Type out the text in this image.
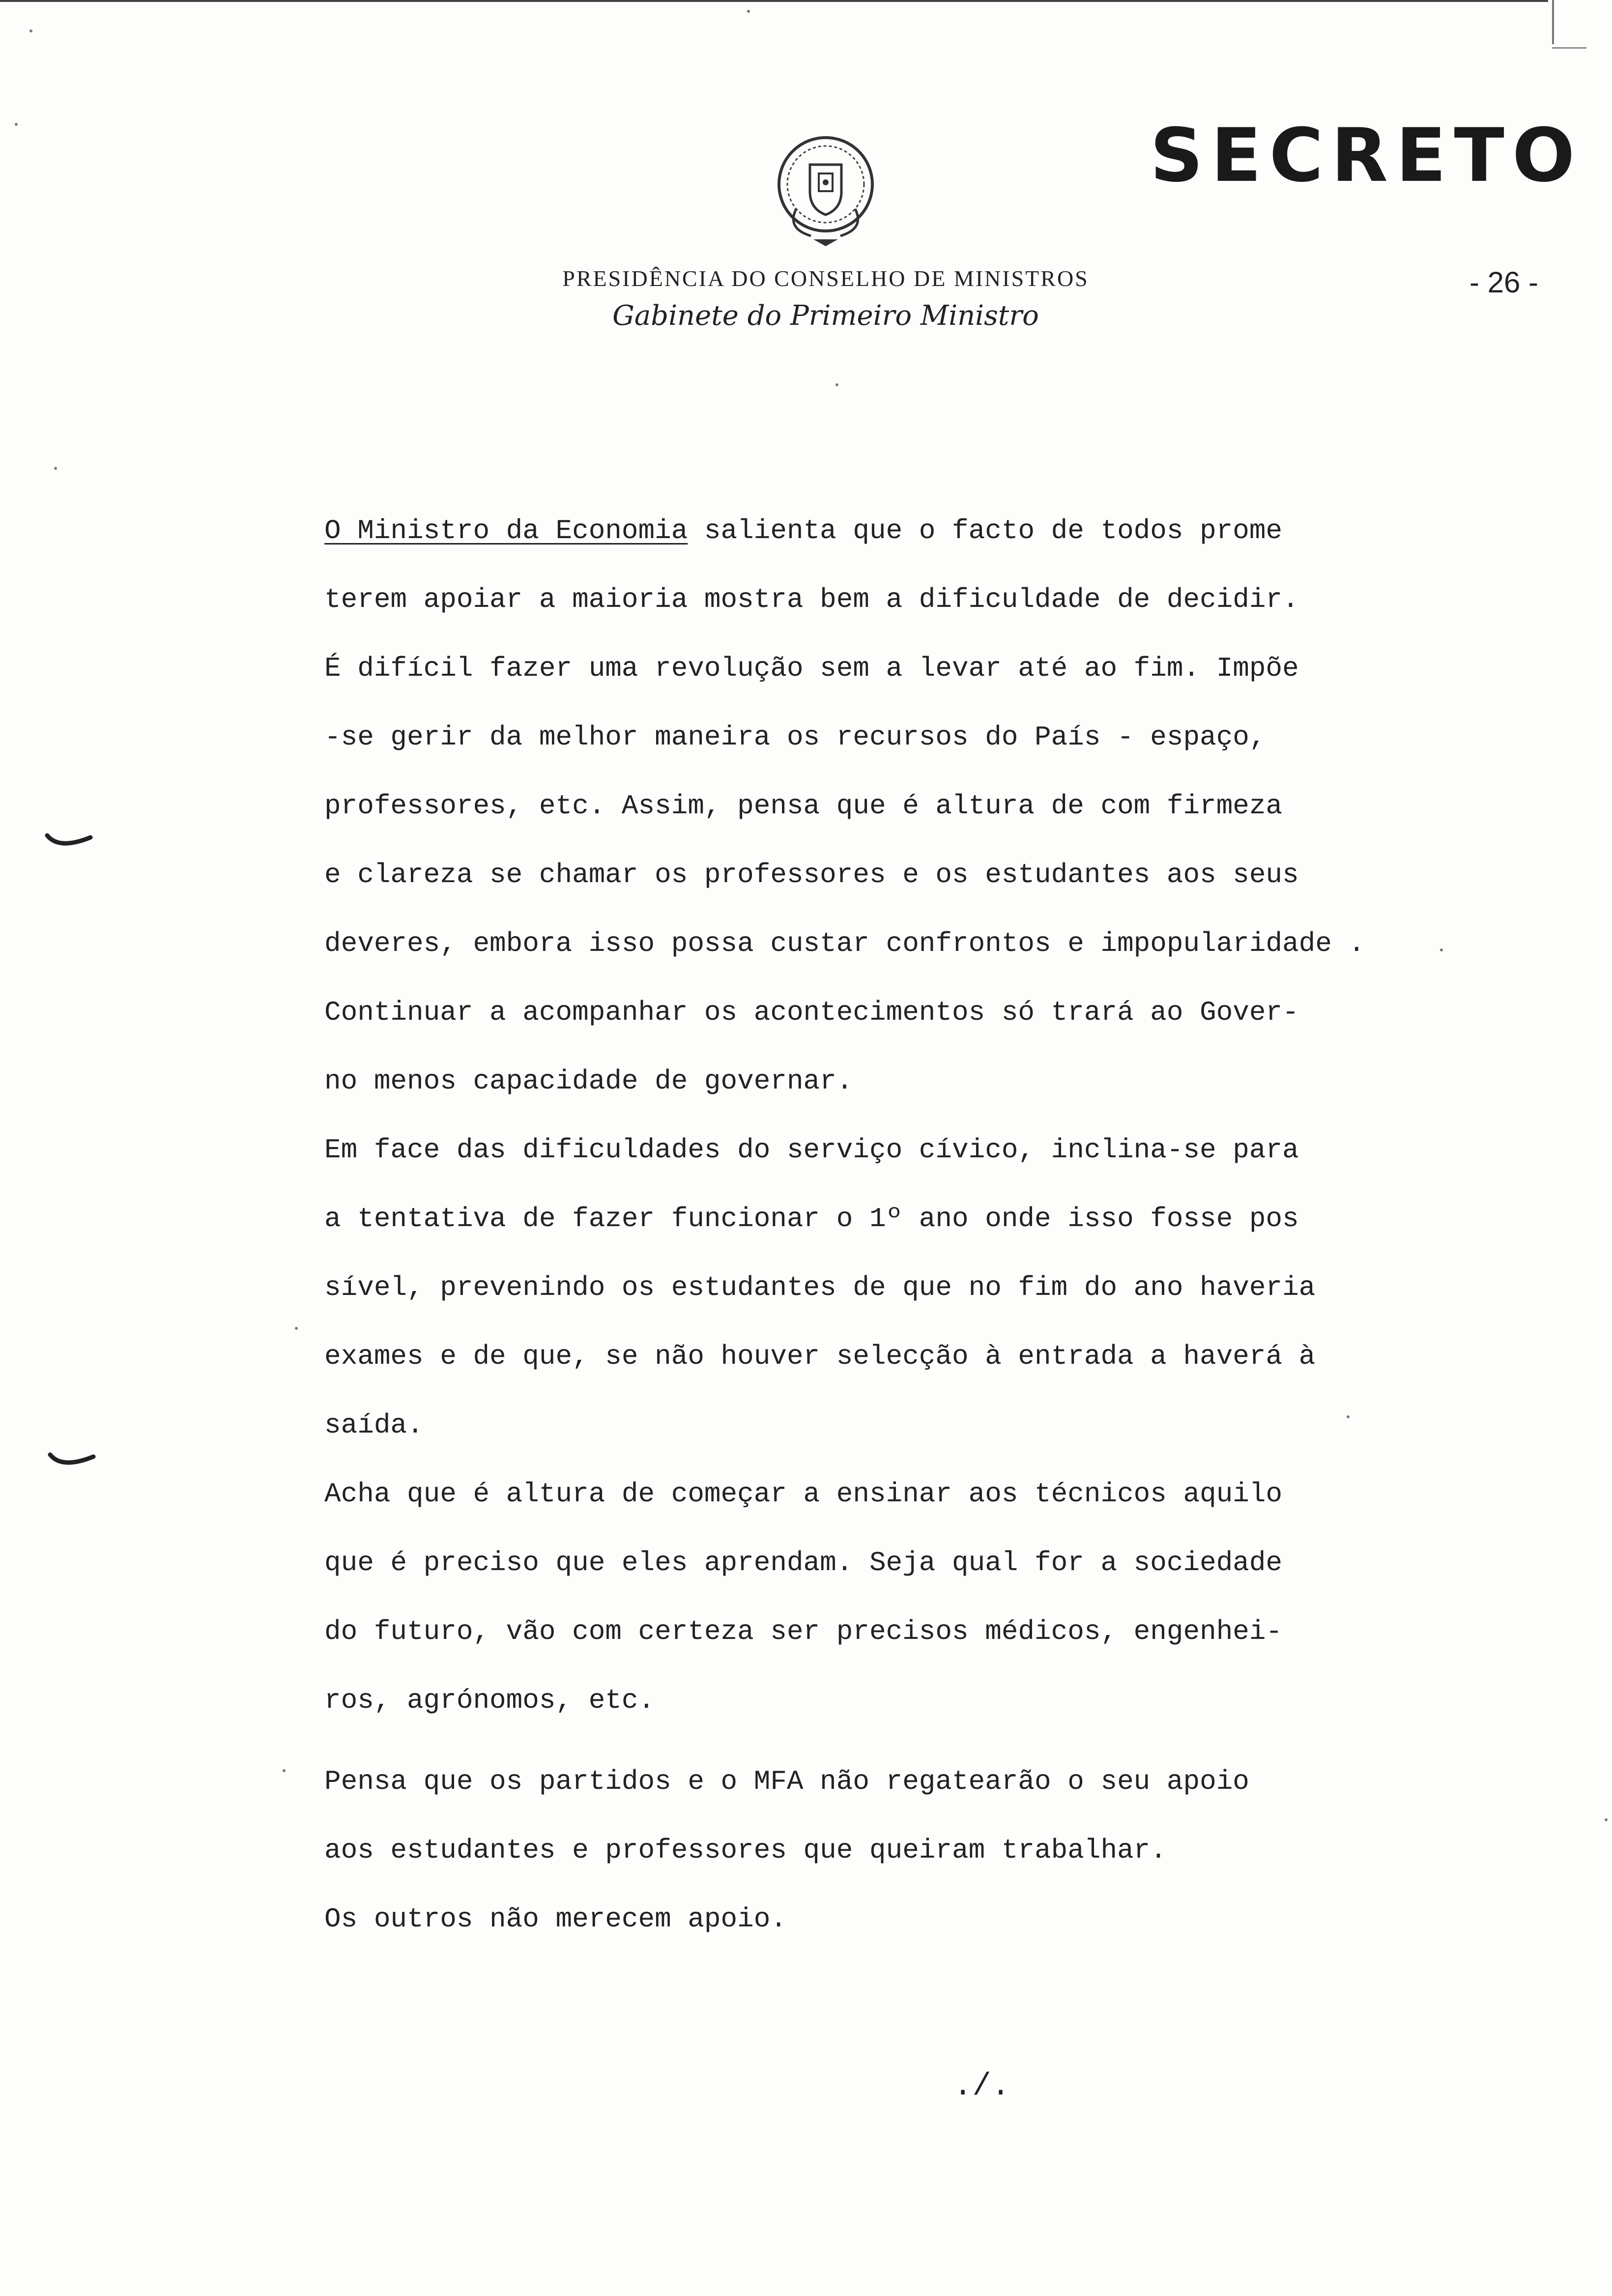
SECRETO
- 26 -
PRESIDÊNCIA DO CONSELHO DE MINISTROS
Gabinete do Primeiro Ministro
O Ministro da Economia salienta que o facto de todos prome
terem apoiar a maioria mostra bem a dificuldade de decidir.
É difícil fazer uma revolução sem a levar até ao fim. Impõe
-se gerir da melhor maneira os recursos do País - espaço,
professores, etc. Assim, pensa que é altura de com firmeza
e clareza se chamar os professores e os estudantes aos seus
deveres, embora isso possa custar confrontos e impopularidade .
Continuar a acompanhar os acontecimentos só trará ao Gover-
no menos capacidade de governar.
Em face das dificuldades do serviço cívico, inclina-se para
a tentativa de fazer funcionar o 1º ano onde isso fosse pos
sível, prevenindo os estudantes de que no fim do ano haveria
exames e de que, se não houver selecção à entrada a haverá à
saída.
Acha que é altura de começar a ensinar aos técnicos aquilo
que é preciso que eles aprendam. Seja qual for a sociedade
do futuro, vão com certeza ser precisos médicos, engenhei-
ros, agrónomos, etc.
Pensa que os partidos e o MFA não regatearão o seu apoio
aos estudantes e professores que queiram trabalhar.
Os outros não merecem apoio.
./.
